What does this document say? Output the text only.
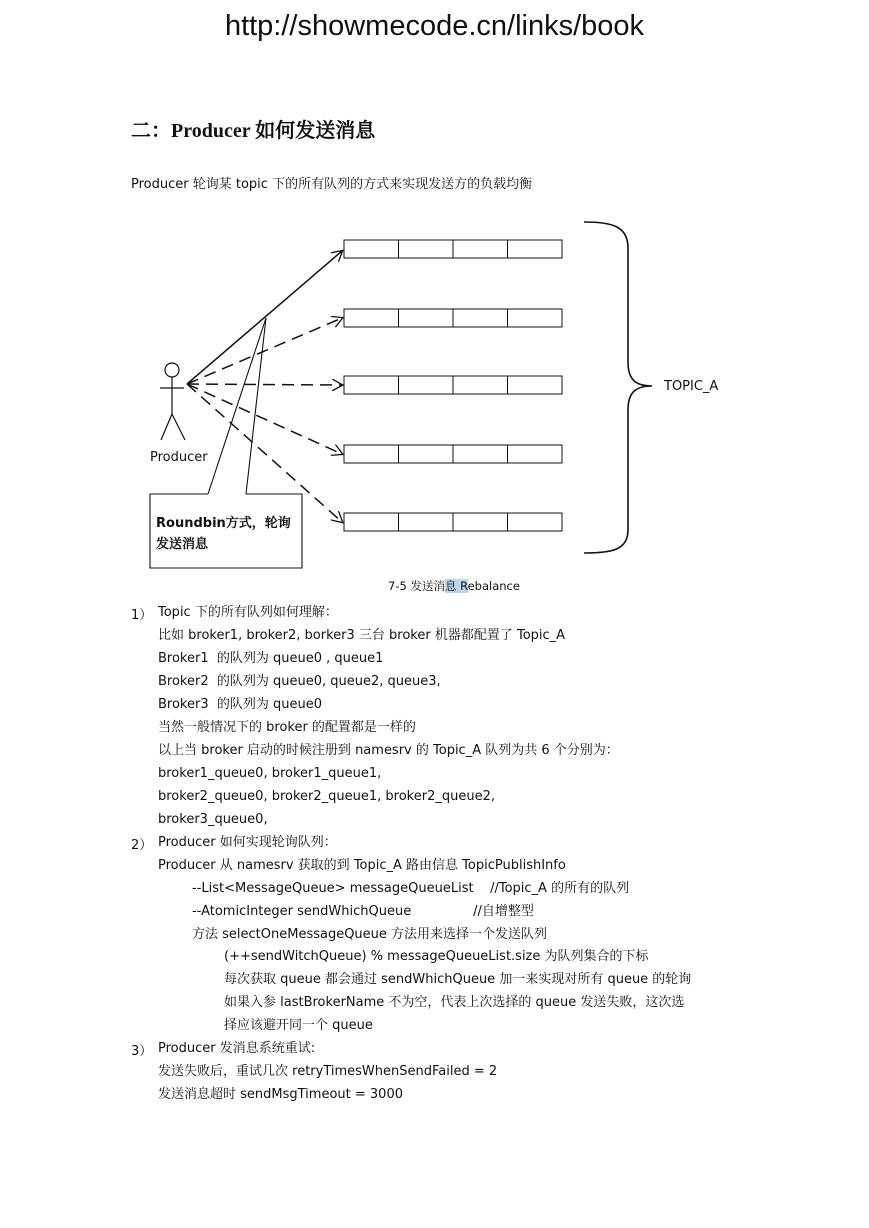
http://showmecode.cn/links/book
二：Producer 如何发送消息
Producer 轮询某 topic 下的所有队列的方式来实现发送方的负载均衡
Producer
TOPIC_A
Roundbin方式，轮询
发送消息
7-5 发送消息 Rebalance
1） Topic 下的所有队列如何理解：
比如 broker1, broker2, borker3 三台 broker 机器都配置了 Topic_A
Broker1  的队列为 queue0 , queue1
Broker2  的队列为 queue0, queue2, queue3,
Broker3  的队列为 queue0
当然一般情况下的 broker 的配置都是一样的
以上当 broker 启动的时候注册到 namesrv 的 Topic_A 队列为共 6 个分别为：
broker1_queue0, broker1_queue1,
broker2_queue0, broker2_queue1, broker2_queue2,
broker3_queue0,
2） Producer 如何实现轮询队列：
Producer 从 namesrv 获取的到 Topic_A 路由信息 TopicPublishInfo
--List<MessageQueue> messageQueueList    //Topic_A 的所有的队列
--AtomicInteger sendWhichQueue               //自增整型
方法 selectOneMessageQueue 方法用来选择一个发送队列
(++sendWitchQueue) % messageQueueList.size 为队列集合的下标
每次获取 queue 都会通过 sendWhichQueue 加一来实现对所有 queue 的轮询
如果入参 lastBrokerName 不为空，代表上次选择的 queue 发送失败，这次选
择应该避开同一个 queue
3） Producer 发消息系统重试:
发送失败后，重试几次 retryTimesWhenSendFailed = 2
发送消息超时 sendMsgTimeout = 3000
